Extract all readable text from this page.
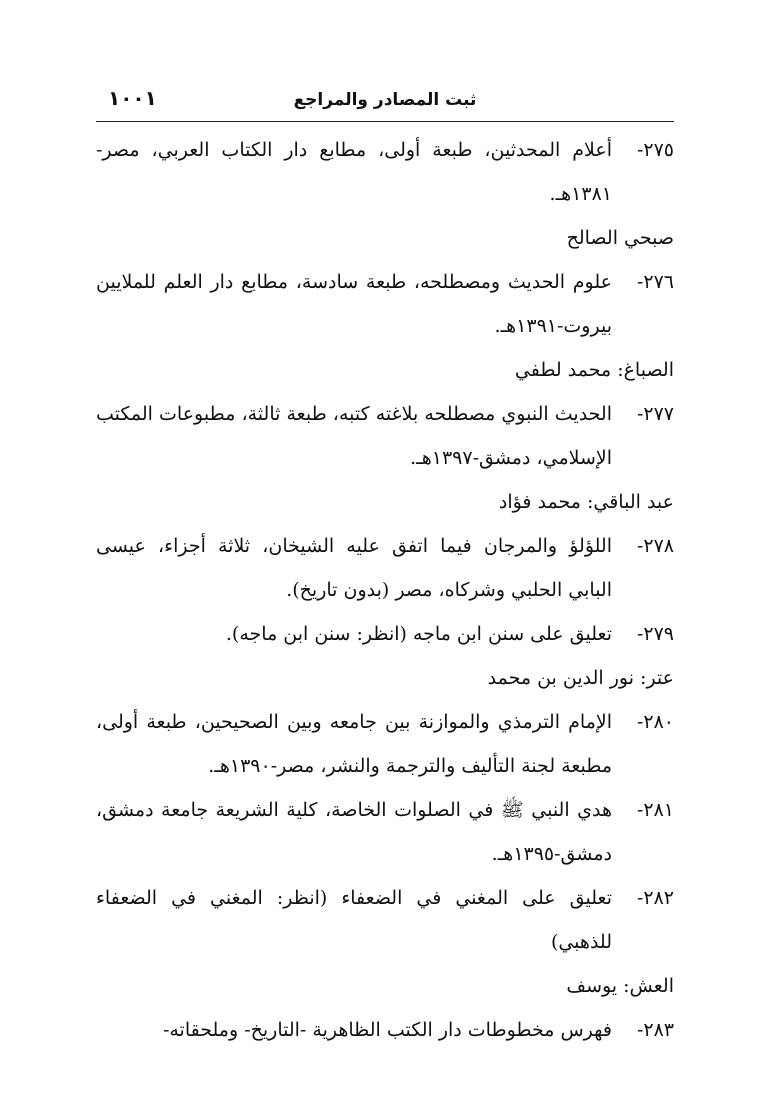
١٠٠١	ثبت المصادر والمراجع
٢٧٥-
أعلام المحدثين، طبعة أولى، مطابع دار الكتاب العربي، مصر- ١٣٨١هـ.
صبحي الصالح
٢٧٦-
علوم الحديث ومصطلحه، طبعة سادسة، مطابع دار العلم للملايين بيروت-١٣٩١هـ.
الصباغ: محمد لطفي
٢٧٧-
الحديث النبوي مصطلحه بلاغته كتبه، طبعة ثالثة، مطبوعات المكتب الإسلامي، دمشق-١٣٩٧هـ.
عبد الباقي: محمد فؤاد
٢٧٨-
اللؤلؤ والمرجان فيما اتفق عليه الشيخان، ثلاثة أجزاء، عيسى البابي الحلبي وشركاه، مصر (بدون تاريخ).
٢٧٩-
تعليق على سنن ابن ماجه (انظر: سنن ابن ماجه).
عتر: نور الدين بن محمد
٢٨٠-
الإمام الترمذي والموازنة بين جامعه وبين الصحيحين، طبعة أولى، مطبعة لجنة التأليف والترجمة والنشر، مصر-١٣٩٠هـ.
٢٨١-
هدي النبي ﷺ في الصلوات الخاصة، كلية الشريعة جامعة دمشق، دمشق-١٣٩٥هـ.
٢٨٢-
تعليق على المغني في الضعفاء (انظر: المغني في الضعفاء للذهبي)
العش: يوسف
٢٨٣-
فهرس مخطوطات دار الكتب الظاهرية -التاريخ- وملحقاته-
